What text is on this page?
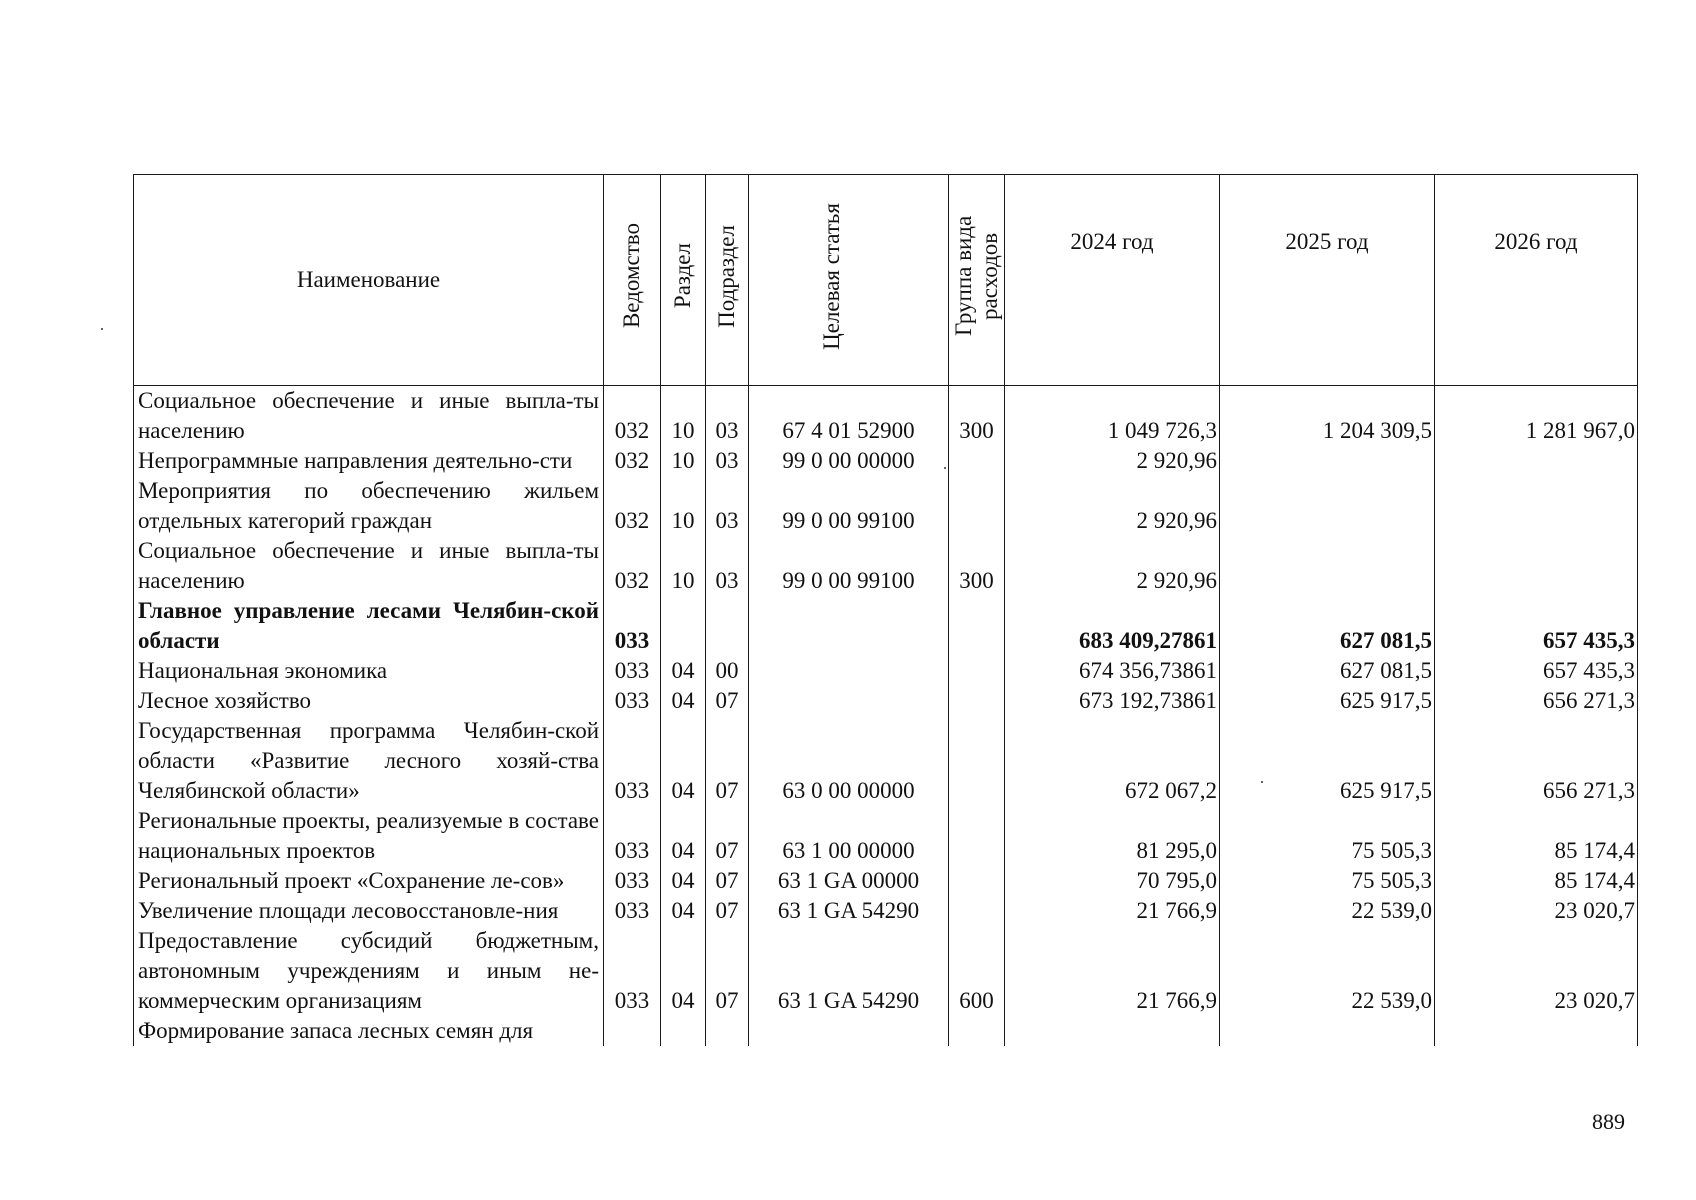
Наименование	Ведомство	Раздел	Подраздел	Целевая статья	Группа вида расходов	2024 год	2025 год	2026 год
Социальное обеспечение и иные выпла-ты населению	032	10	03	67 4 01 52900	300	1 049 726,3	1 204 309,5	1 281 967,0
Непрограммные направления деятельно-сти	032	10	03	99 0 00 00000		2 920,96		
Мероприятия по обеспечению жильем отдельных категорий граждан	032	10	03	99 0 00 99100		2 920,96		
Социальное обеспечение и иные выпла-ты населению	032	10	03	99 0 00 99100	300	2 920,96		
Главное управление лесами Челябин-ской области	033					683 409,27861	627 081,5	657 435,3
Национальная экономика	033	04	00			674 356,73861	627 081,5	657 435,3
Лесное хозяйство	033	04	07			673 192,73861	625 917,5	656 271,3
Государственная программа Челябин-ской области «Развитие лесного хозяй-ства Челябинской области»	033	04	07	63 0 00 00000		672 067,2	625 917,5	656 271,3
Региональные проекты, реализуемые в составе национальных проектов	033	04	07	63 1 00 00000		81 295,0	75 505,3	85 174,4
Региональный проект «Сохранение ле-сов»	033	04	07	63 1 GA 00000		70 795,0	75 505,3	85 174,4
Увеличение площади лесовосстановле-ния	033	04	07	63 1 GA 54290		21 766,9	22 539,0	23 020,7
Предоставление субсидий бюджетным, автономным учреждениям и иным не-коммерческим организациям	033	04	07	63 1 GA 54290	600	21 766,9	22 539,0	23 020,7
Формирование запаса лесных семян для								
889
